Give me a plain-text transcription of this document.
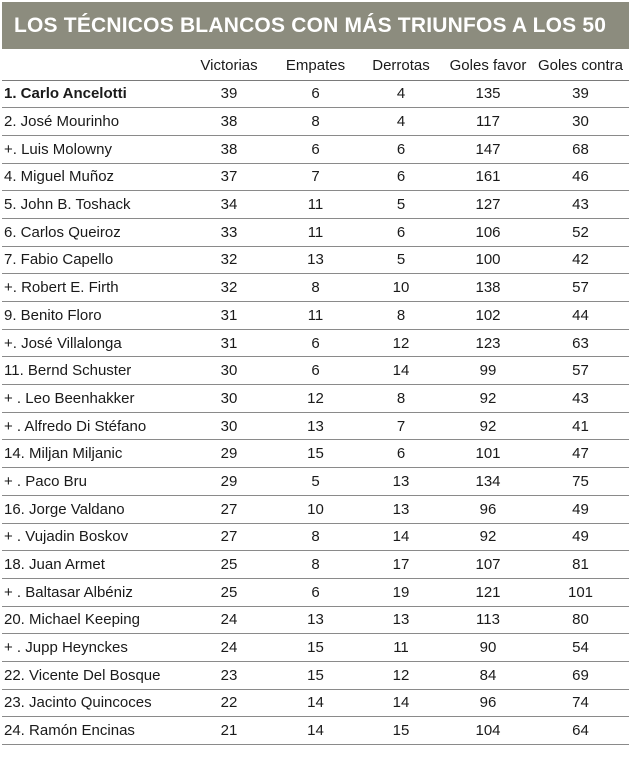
LOS TÉCNICOS BLANCOS CON MÁS TRIUNFOS A LOS 50
	Victorias	Empates	Derrotas	Goles favor	Goles contra
1. Carlo Ancelotti	39	6	4	135	39
2. José Mourinho	38	8	4	117	30
+. Luis Molowny	38	6	6	147	68
4. Miguel Muñoz	37	7	6	161	46
5. John B. Toshack	34	11	5	127	43
6. Carlos Queiroz	33	11	6	106	52
7. Fabio Capello	32	13	5	100	42
+. Robert E. Firth	32	8	10	138	57
9. Benito Floro	31	11	8	102	44
+. José Villalonga	31	6	12	123	63
11. Bernd Schuster	30	6	14	99	57
+ . Leo Beenhakker	30	12	8	92	43
+ . Alfredo Di Stéfano	30	13	7	92	41
14. Miljan Miljanic	29	15	6	101	47
+ . Paco Bru	29	5	13	134	75
16. Jorge Valdano	27	10	13	96	49
+ . Vujadin Boskov	27	8	14	92	49
18. Juan Armet	25	8	17	107	81
+ . Baltasar Albéniz	25	6	19	121	101
20. Michael Keeping	24	13	13	113	80
+ . Jupp Heynckes	24	15	11	90	54
22. Vicente Del Bosque	23	15	12	84	69
23. Jacinto Quincoces	22	14	14	96	74
24. Ramón Encinas	21	14	15	104	64
